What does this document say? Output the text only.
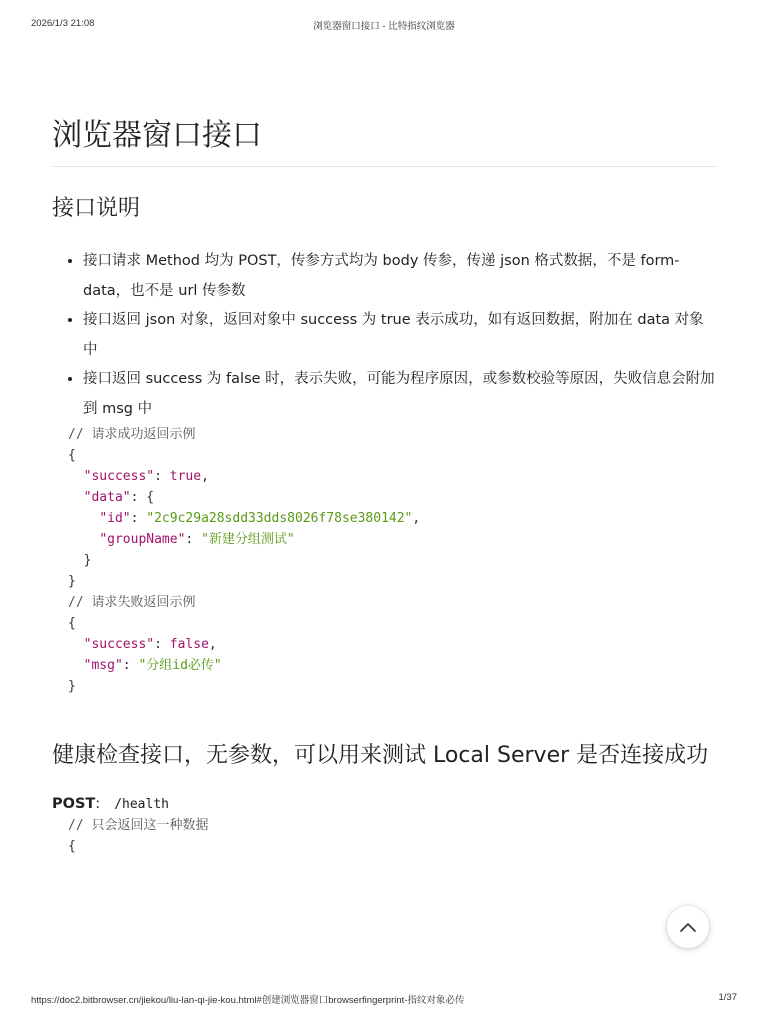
2026/1/3 21:08	浏览器窗口接口 - 比特指纹浏览器
浏览器窗口接口
接口说明
• 接口请求 Method 均为 POST，传参方式均为 body 传参，传递 json 格式数据，不是 form-data，也不是 url 传参数
• 接口返回 json 对象，返回对象中 success 为 true 表示成功，如有返回数据，附加在 data 对象中
• 接口返回 success 为 false 时，表示失败，可能为程序原因，或参数校验等原因，失败信息会附加到 msg 中
// 请求成功返回示例
{
"success": true,
"data": {
"id": "2c9c29a28sdd33dds8026f78se380142",
"groupName": "新建分组测试"
}
}
// 请求失败返回示例
{
"success": false,
"msg": "分组id必传"
}
健康检查接口，无参数，可以用来测试 Local Server 是否连接成功
POST: /health
// 只会返回这一种数据
{
https://doc2.bitbrowser.cn/jiekou/liu-lan-qi-jie-kou.html#创建浏览器窗口browserfingerprint-指纹对象必传	1/37
